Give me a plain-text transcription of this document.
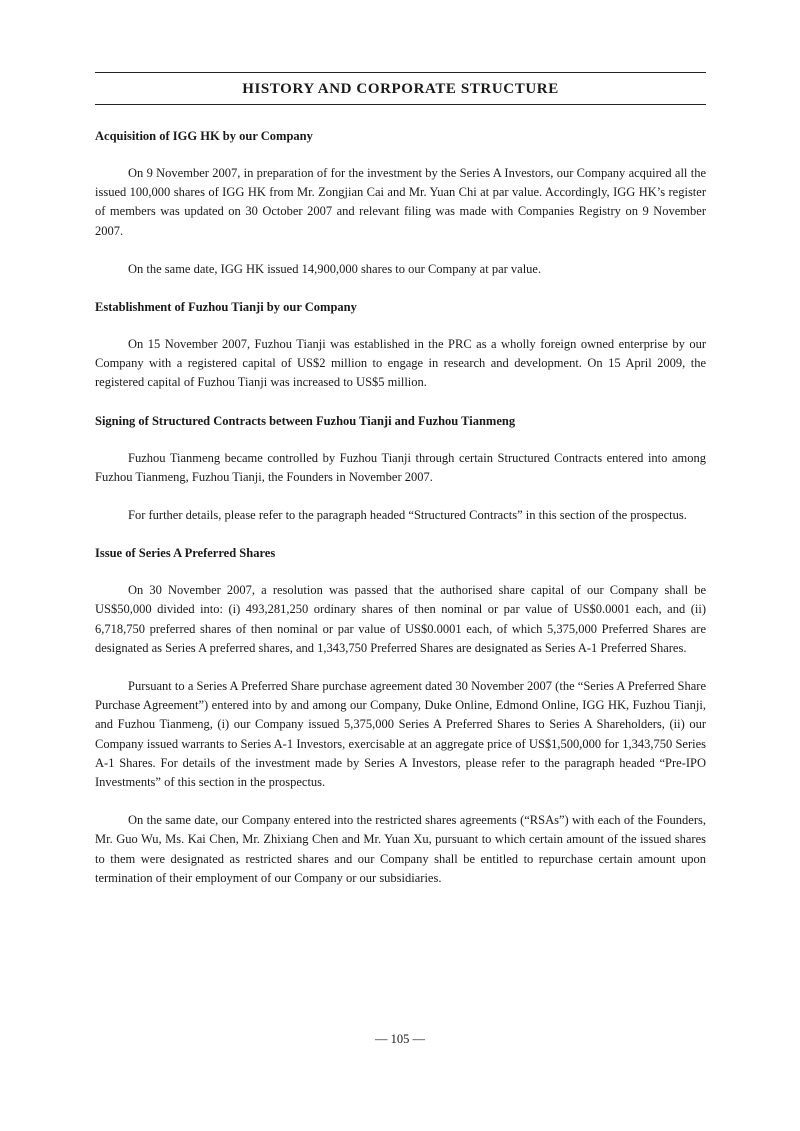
HISTORY AND CORPORATE STRUCTURE
Acquisition of IGG HK by our Company

On 9 November 2007, in preparation of for the investment by the Series A Investors, our Company acquired all the issued 100,000 shares of IGG HK from Mr. Zongjian Cai and Mr. Yuan Chi at par value. Accordingly, IGG HK’s register of members was updated on 30 October 2007 and relevant filing was made with Companies Registry on 9 November 2007.

On the same date, IGG HK issued 14,900,000 shares to our Company at par value.

Establishment of Fuzhou Tianji by our Company

On 15 November 2007, Fuzhou Tianji was established in the PRC as a wholly foreign owned enterprise by our Company with a registered capital of US$2 million to engage in research and development. On 15 April 2009, the registered capital of Fuzhou Tianji was increased to US$5 million.

Signing of Structured Contracts between Fuzhou Tianji and Fuzhou Tianmeng

Fuzhou Tianmeng became controlled by Fuzhou Tianji through certain Structured Contracts entered into among Fuzhou Tianmeng, Fuzhou Tianji, the Founders in November 2007.

For further details, please refer to the paragraph headed “Structured Contracts” in this section of the prospectus.

Issue of Series A Preferred Shares

On 30 November 2007, a resolution was passed that the authorised share capital of our Company shall be US$50,000 divided into: (i) 493,281,250 ordinary shares of then nominal or par value of US$0.0001 each, and (ii) 6,718,750 preferred shares of then nominal or par value of US$0.0001 each, of which 5,375,000 Preferred Shares are designated as Series A preferred shares, and 1,343,750 Preferred Shares are designated as Series A-1 Preferred Shares.

Pursuant to a Series A Preferred Share purchase agreement dated 30 November 2007 (the “Series A Preferred Share Purchase Agreement”) entered into by and among our Company, Duke Online, Edmond Online, IGG HK, Fuzhou Tianji, and Fuzhou Tianmeng, (i) our Company issued 5,375,000 Series A Preferred Shares to Series A Shareholders, (ii) our Company issued warrants to Series A-1 Investors, exercisable at an aggregate price of US$1,500,000 for 1,343,750 Series A-1 Shares. For details of the investment made by Series A Investors, please refer to the paragraph headed “Pre-IPO Investments” of this section in the prospectus.

On the same date, our Company entered into the restricted shares agreements (“RSAs”) with each of the Founders, Mr. Guo Wu, Ms. Kai Chen, Mr. Zhixiang Chen and Mr. Yuan Xu, pursuant to which certain amount of the issued shares to them were designated as restricted shares and our Company shall be entitled to repurchase certain amount upon termination of their employment of our Company or our subsidiaries.

— 105 —
